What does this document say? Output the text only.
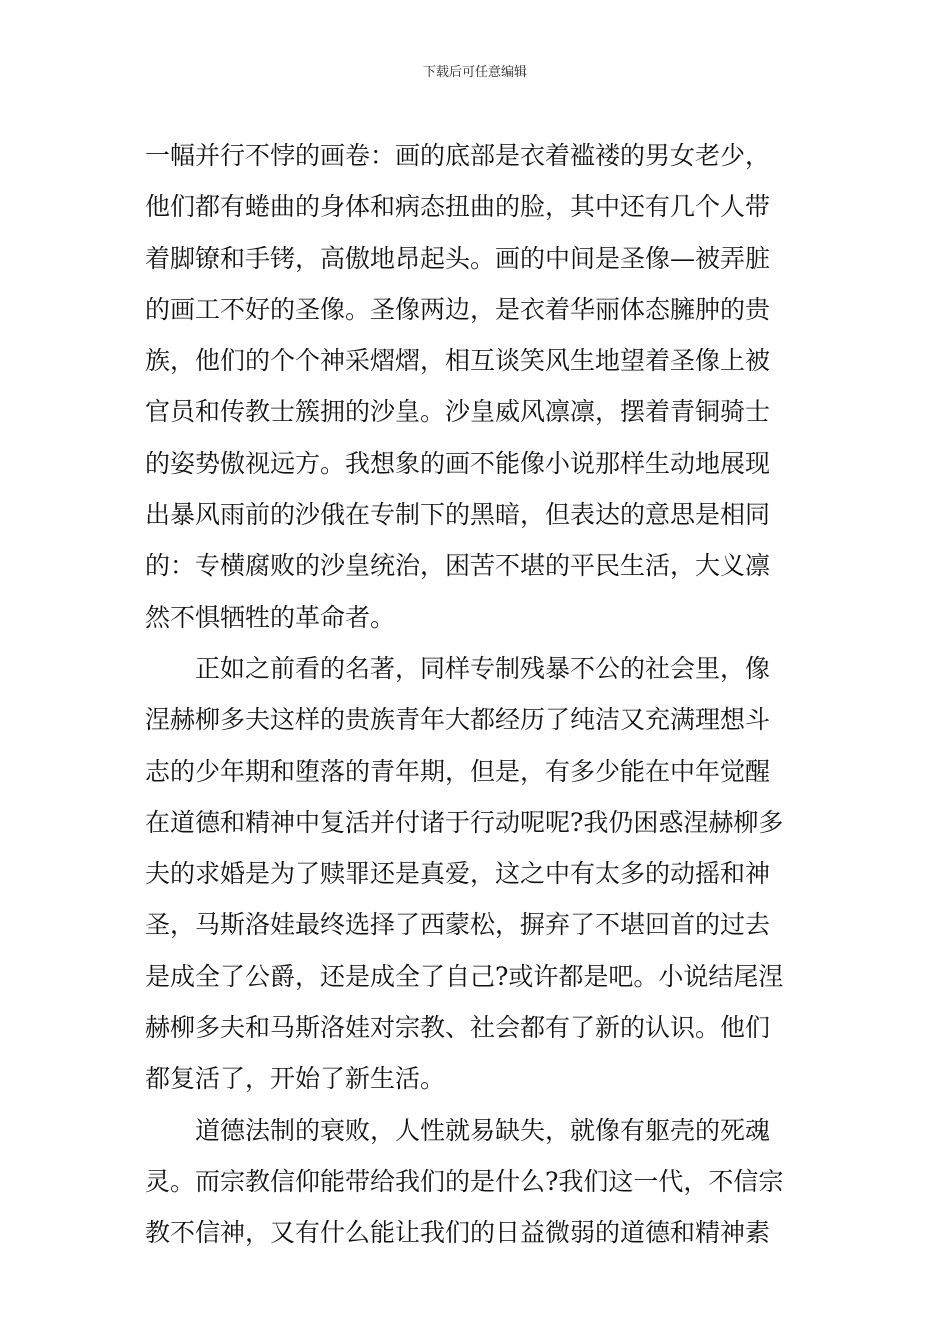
下载后可任意编辑
一幅并行不悖的画卷：画的底部是衣着褴褛的男女老少，
他们都有蜷曲的身体和病态扭曲的脸，其中还有几个人带
着脚镣和手铐，高傲地昂起头。画的中间是圣像—被弄脏
的画工不好的圣像。圣像两边，是衣着华丽体态臃肿的贵
族，他们的个个神采熠熠，相互谈笑风生地望着圣像上被
官员和传教士簇拥的沙皇。沙皇威风凛凛，摆着青铜骑士
的姿势傲视远方。我想象的画不能像小说那样生动地展现
出暴风雨前的沙俄在专制下的黑暗，但表达的意思是相同
的：专横腐败的沙皇统治，困苦不堪的平民生活，大义凛
然不惧牺牲的革命者。
正如之前看的名著，同样专制残暴不公的社会里，像
涅赫柳多夫这样的贵族青年大都经历了纯洁又充满理想斗
志的少年期和堕落的青年期，但是，有多少能在中年觉醒
在道德和精神中复活并付诸于行动呢呢?我仍困惑涅赫柳多
夫的求婚是为了赎罪还是真爱，这之中有太多的动摇和神
圣，马斯洛娃最终选择了西蒙松，摒弃了不堪回首的过去
是成全了公爵，还是成全了自己?或许都是吧。小说结尾涅
赫柳多夫和马斯洛娃对宗教、社会都有了新的认识。他们
都复活了，开始了新生活。
道德法制的衰败，人性就易缺失，就像有躯壳的死魂
灵。而宗教信仰能带给我们的是什么?我们这一代，不信宗
教不信神，又有什么能让我们的日益微弱的道德和精神素
